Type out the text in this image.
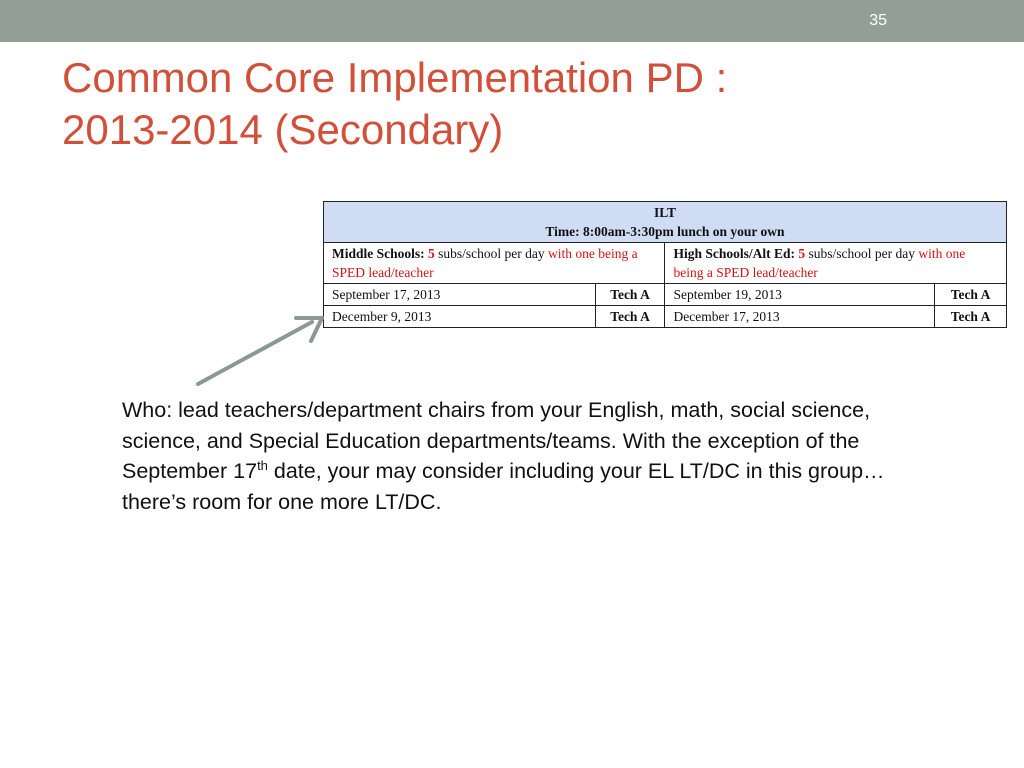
35
Common Core Implementation PD :
2013-2014 (Secondary)
ILT
Time: 8:00am-3:30pm lunch on your own			

Middle Schools: 5 subs/school per day with one being a SPED lead/teacher		High Schools/Alt Ed: 5 subs/school per day with one being a SPED lead/teacher	
September 17, 2013	Tech A	September 19, 2013	Tech A
December 9, 2013	Tech A	December 17, 2013	Tech A
Who: lead teachers/department chairs from your English, math, social science, science, and Special Education departments/teams. With the exception of the September 17th date, your may consider including your EL LT/DC in this group… there’s room for one more LT/DC.
